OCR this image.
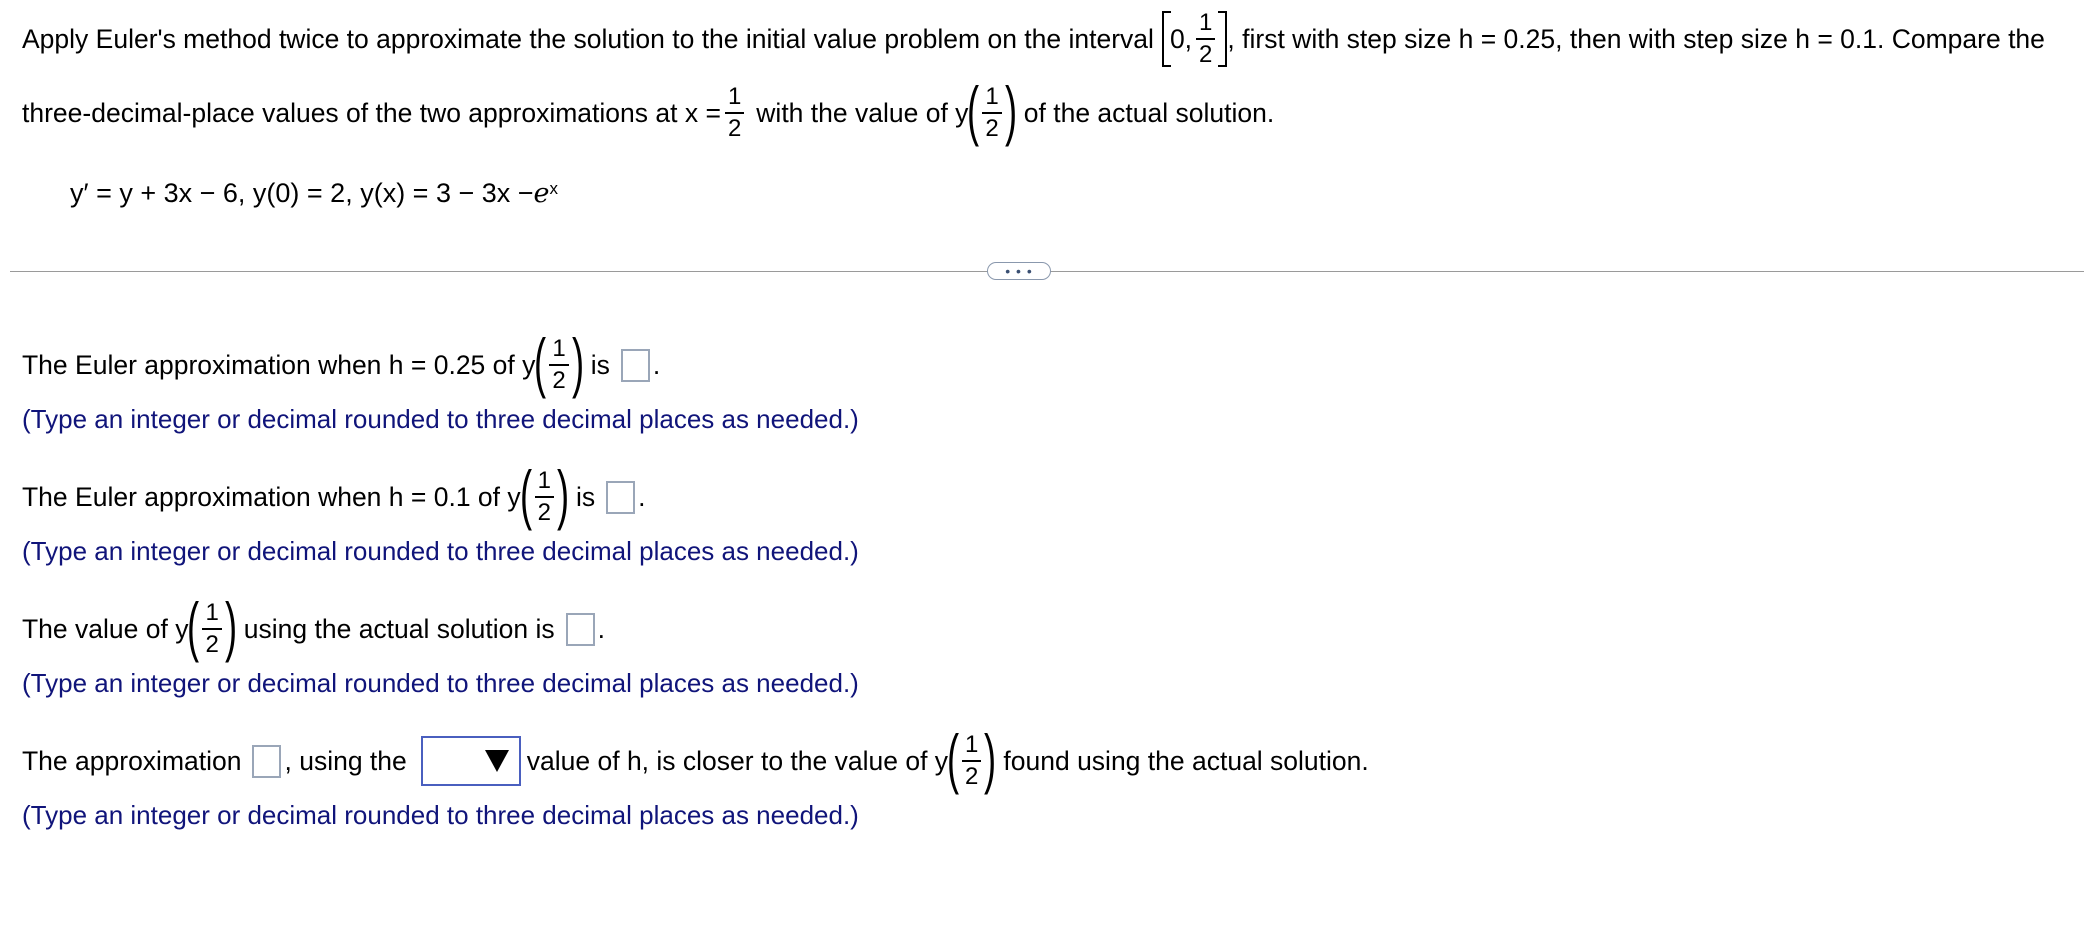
Apply Euler's method twice to approximate the solution to the initial value problem on the interval 0, $\frac{1}{2}$ , first with step size h = 0.25, then with step size h = 0.1. Compare the
three-decimal-place values of the two approximations at $x = \frac{1}{2}$ with the value of y
( $\frac{1}{2}$ ) of the actual solution.
y′ = y + 3x − 6, y(0) = 2, $y(x) = 3 - 3x - e^x$
• • •
The Euler approximation when h = 0.25 of y
( $\frac{1}{2}$ ) is .
(Type an integer or decimal rounded to three decimal places as needed.)
The Euler approximation when h = 0.1 of y
( $\frac{1}{2}$ ) is .
(Type an integer or decimal rounded to three decimal places as needed.)
The value of y
( $\frac{1}{2}$ ) using the actual solution is .
(Type an integer or decimal rounded to three decimal places as needed.)
The approximation , using the	value of h, is closer to the value of y
( $\frac{1}{2}$ ) found using the actual solution.
(Type an integer or decimal rounded to three decimal places as needed.)
